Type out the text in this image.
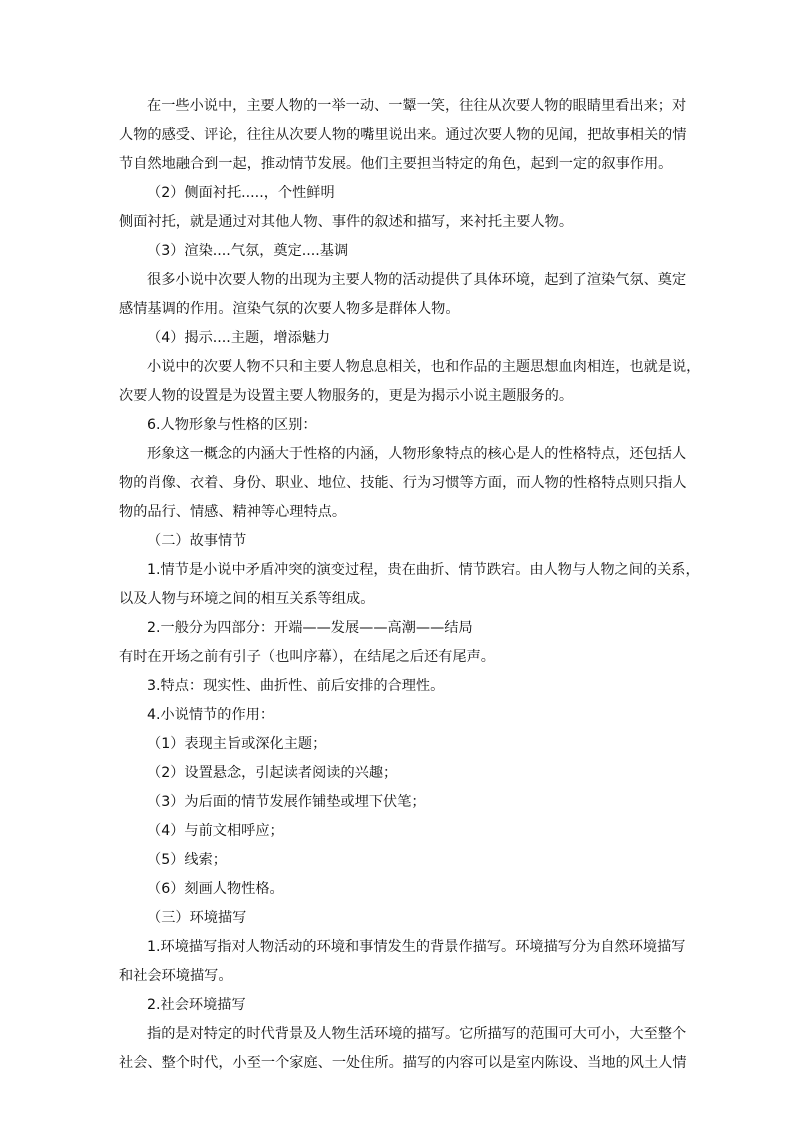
在一些小说中，主要人物的一举一动、一颦一笑，往往从次要人物的眼睛里看出来；对
人物的感受、评论，往往从次要人物的嘴里说出来。通过次要人物的见闻，把故事相关的情
节自然地融合到一起，推动情节发展。他们主要担当特定的角色，起到一定的叙事作用。
（2）侧面衬托.....，个性鲜明
侧面衬托，就是通过对其他人物、事件的叙述和描写，来衬托主要人物。
（3）渲染....气氛，奠定....基调
很多小说中次要人物的出现为主要人物的活动提供了具体环境，起到了渲染气氛、奠定
感情基调的作用。渲染气氛的次要人物多是群体人物。
（4）揭示....主题，增添魅力
小说中的次要人物不只和主要人物息息相关，也和作品的主题思想血肉相连，也就是说，
次要人物的设置是为设置主要人物服务的，更是为揭示小说主题服务的。
6.人物形象与性格的区别：
形象这一概念的内涵大于性格的内涵，人物形象特点的核心是人的性格特点，还包括人
物的肖像、衣着、身份、职业、地位、技能、行为习惯等方面，而人物的性格特点则只指人
物的品行、情感、精神等心理特点。
（二）故事情节
1.情节是小说中矛盾冲突的演变过程，贵在曲折、情节跌宕。由人物与人物之间的关系，
以及人物与环境之间的相互关系等组成。
2.一般分为四部分：开端——发展——高潮——结局
有时在开场之前有引子（也叫序幕），在结尾之后还有尾声。
3.特点：现实性、曲折性、前后安排的合理性。
4.小说情节的作用：
（1）表现主旨或深化主题；
（2）设置悬念，引起读者阅读的兴趣；
（3）为后面的情节发展作铺垫或埋下伏笔；
（4）与前文相呼应；
（5）线索；
（6）刻画人物性格。
（三）环境描写
1.环境描写指对人物活动的环境和事情发生的背景作描写。环境描写分为自然环境描写
和社会环境描写。
2.社会环境描写
指的是对特定的时代背景及人物生活环境的描写。它所描写的范围可大可小，大至整个
社会、整个时代，小至一个家庭、一处住所。描写的内容可以是室内陈设、当地的风土人情
